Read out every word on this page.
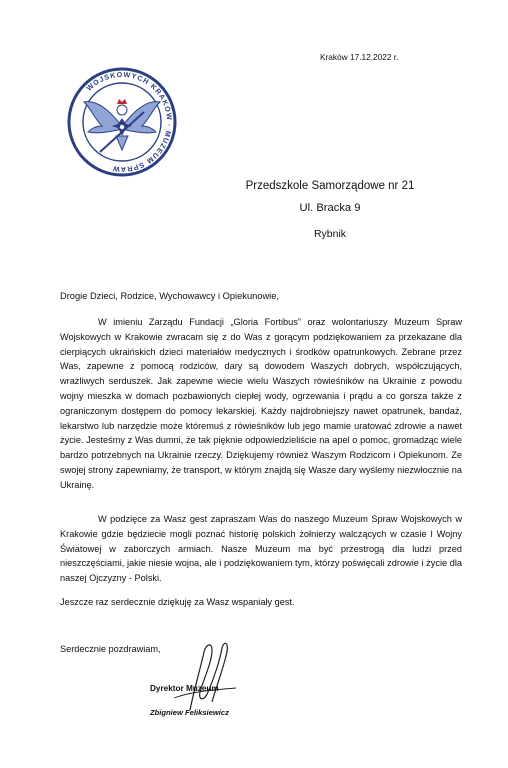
Kraków 17.12.2022 r.
WOJSKOWYCH KRAKÓW · MUZEUM SPRAW
Przedszkole Samorządowe nr 21
Ul. Bracka 9
Rybnik
Drogie Dzieci, Rodzice, Wychowawcy i Opiekunowie,
W imieniu Zarządu Fundacji „Gloria Fortibus” oraz wolontariuszy Muzeum Spraw Wojskowych w Krakowie zwracam się z do Was z gorącym podziękowaniem za przekazane dla cierpiących ukraińskich dzieci materiałów medycznych i środków opatrunkowych. Zebrane przez Was, zapewne z pomocą rodziców, dary są dowodem Waszych dobrych, współczujących, wrażliwych serduszek. Jak zapewne wiecie wielu Waszych rówieśników na Ukrainie z powodu wojny mieszka w domach pozbawionych ciepłej wody, ogrzewania i prądu a co gorsza także z ograniczonym dostępem do pomocy lekarskiej. Każdy najdrobniejszy nawet opatrunek, bandaż, lekarstwo lub narzędzie może któremuś z rówieśników lub jego mamie uratować zdrowie a nawet życie. Jesteśmy z Was dumni, że tak pięknie odpowiedzieliście na apel o pomoc, gromadząc wiele bardzo potrzebnych na Ukrainie rzeczy. Dziękujemy również Waszym Rodzicom i Opiekunom. Ze swojej strony zapewniamy, że transport, w którym znajdą się Wasze dary wyślemy niezwłocznie na Ukrainę.
W podzięce za Wasz gest zapraszam Was do naszego Muzeum Spraw Wojskowych w Krakowie gdzie będziecie mogli poznać historię polskich żołnierzy walczących w czasie I Wojny Światowej w zaborczych armiach. Nasze Muzeum ma być przestrogą dla ludzi przed nieszczęściami, jakie niesie wojna, ale i podziękowaniem tym, którzy poświęcali zdrowie i życie dla naszej Ojczyzny - Polski.
Jeszcze raz serdecznie dziękuję za Wasz wspaniały gest.
Serdecznie pozdrawiam,
Dyrektor Muzeum
Zbigniew Feliksiewicz
